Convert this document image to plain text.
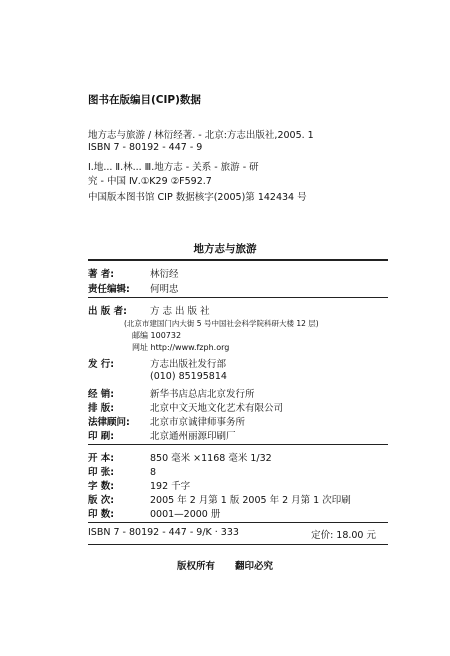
图书在版编目(CIP)数据
地方志与旅游 / 林衍经著. - 北京:方志出版社,2005. 1
ISBN 7 - 80192 - 447 - 9
Ⅰ.地... Ⅱ.林... Ⅲ.地方志 - 关系 - 旅游 - 研
究 - 中国 Ⅳ.①K29 ②F592.7
中国版本图书馆 CIP 数据核字(2005)第 142434 号
地方志与旅游
著 者:	林衍经
责任编辑: 何明忠
出 版 者: 方 志 出 版 社
(北京市建国门内大街 5 号中国社会科学院科研大楼 12 层)
邮编 100732
网址 http://www.fzph.org
发 行:	方志出版社发行部
(010) 85195814
经 销:	新华书店总店北京发行所
排 版:	北京中文天地文化艺术有限公司
法律顾问: 北京市京诚律师事务所
印 刷:	北京通州丽源印刷厂
开 本:	850 毫米 ×1168 毫米 1/32
印 张:	8
字 数:	192 千字
版 次:	2005 年 2 月第 1 版 2005 年 2 月第 1 次印刷
印 数:	0001—2000 册
ISBN 7 - 80192 - 447 - 9/K · 333	定价: 18.00 元
版权所有 翻印必究
